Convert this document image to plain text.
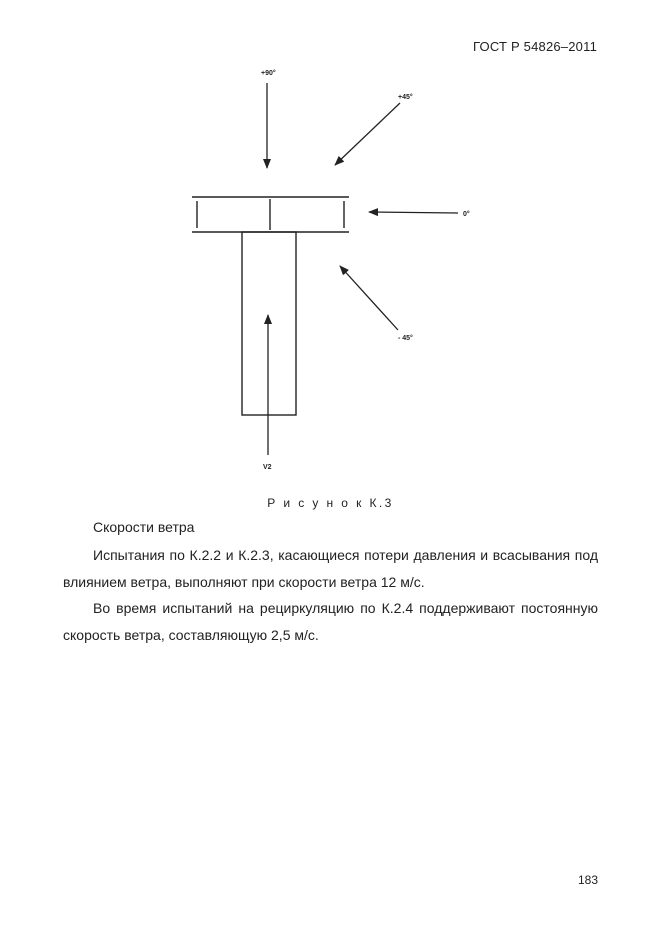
ГОСТ Р 54826–2011
+90°
+45°
0°
- 45°
V2
Р и с у н о к К.3

Скорости ветра

Испытания по К.2.2 и К.2.3, касающиеся потери давления и всасывания под влиянием ветра, выполняют при скорости ветра 12 м/с.

Во время испытаний на рециркуляцию по К.2.4 поддерживают постоянную скорость ветра, составляющую 2,5 м/с.

183
